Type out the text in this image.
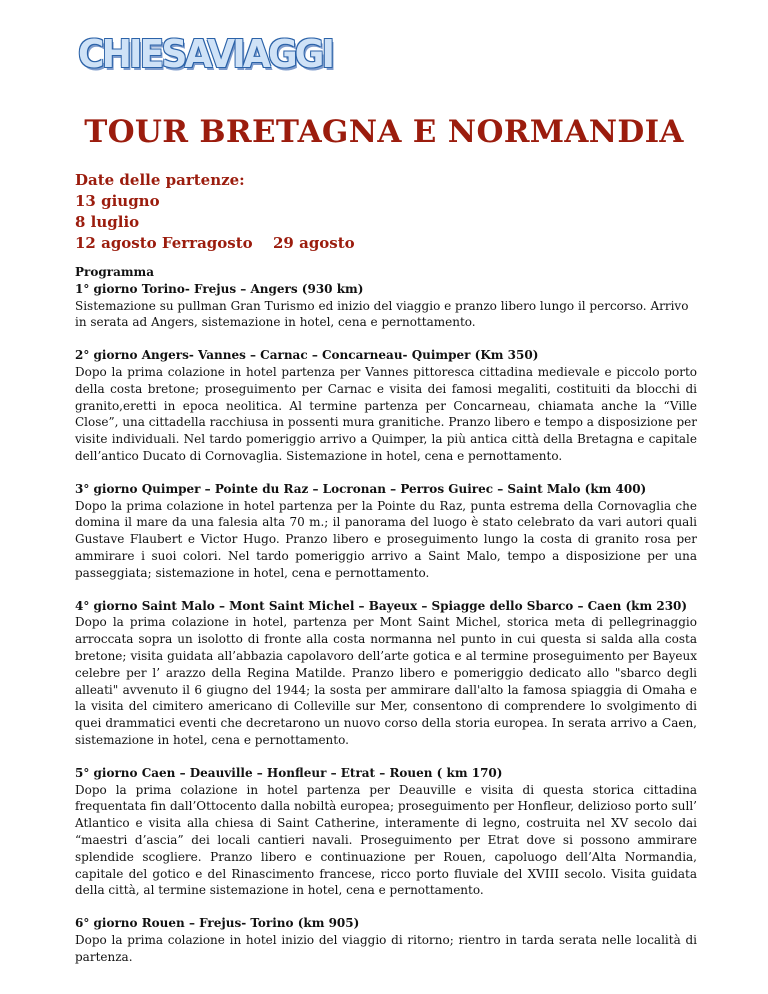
CHIESAVIAGGI
TOUR BRETAGNA E NORMANDIA
Date delle partenze:
13 giugno
8 luglio
12 agosto Ferragosto 29 agosto
Programma
1° giorno Torino- Frejus – Angers (930 km)

Sistemazione su pullman Gran Turismo ed inizio del viaggio e pranzo libero lungo il percorso. Arrivo in serata ad Angers, sistemazione in hotel, cena e pernottamento.

2° giorno Angers- Vannes – Carnac – Concarneau- Quimper (Km 350)

Dopo la prima colazione in hotel partenza per Vannes pittoresca cittadina medievale e piccolo porto della costa bretone; proseguimento per Carnac e visita dei famosi megaliti, costituiti da blocchi di granito,eretti in epoca neolitica. Al termine partenza per Concarneau, chiamata anche la “Ville Close”, una cittadella racchiusa in possenti mura granitiche. Pranzo libero e tempo a disposizione per visite individuali. Nel tardo pomeriggio arrivo a Quimper, la più antica città della Bretagna e capitale dell’antico Ducato di Cornovaglia. Sistemazione in hotel, cena e pernottamento.

3° giorno Quimper – Pointe du Raz – Locronan – Perros Guirec – Saint Malo (km 400)

Dopo la prima colazione in hotel partenza per la Pointe du Raz, punta estrema della Cornovaglia che domina il mare da una falesia alta 70 m.; il panorama del luogo è stato celebrato da vari autori quali Gustave Flaubert e Victor Hugo. Pranzo libero e proseguimento lungo la costa di granito rosa per ammirare i suoi colori. Nel tardo pomeriggio arrivo a Saint Malo, tempo a disposizione per una passeggiata; sistemazione in hotel, cena e pernottamento.

4° giorno Saint Malo – Mont Saint Michel – Bayeux – Spiagge dello Sbarco – Caen (km 230)

Dopo la prima colazione in hotel, partenza per Mont Saint Michel, storica meta di pellegrinaggio arroccata sopra un isolotto di fronte alla costa normanna nel punto in cui questa si salda alla costa bretone; visita guidata all’abbazia capolavoro dell’arte gotica e al termine proseguimento per Bayeux celebre per l’ arazzo della Regina Matilde. Pranzo libero e pomeriggio dedicato allo "sbarco degli alleati" avvenuto il 6 giugno del 1944; la sosta per ammirare dall'alto la famosa spiaggia di Omaha e la visita del cimitero americano di Colleville sur Mer, consentono di comprendere lo svolgimento di quei drammatici eventi che decretarono un nuovo corso della storia europea. In serata arrivo a Caen, sistemazione in hotel, cena e pernottamento.

5° giorno Caen – Deauville – Honfleur – Etrat – Rouen ( km 170)

Dopo la prima colazione in hotel partenza per Deauville e visita di questa storica cittadina frequentata fin dall’Ottocento dalla nobiltà europea; proseguimento per Honfleur, delizioso porto sull’ Atlantico e visita alla chiesa di Saint Catherine, interamente di legno, costruita nel XV secolo dai “maestri d’ascia” dei locali cantieri navali. Proseguimento per Etrat dove si possono ammirare splendide scogliere. Pranzo libero e continuazione per Rouen, capoluogo dell’Alta Normandia, capitale del gotico e del Rinascimento francese, ricco porto fluviale del XVIII secolo. Visita guidata della città, al termine sistemazione in hotel, cena e pernottamento.

6° giorno Rouen – Frejus- Torino (km 905)

Dopo la prima colazione in hotel inizio del viaggio di ritorno; rientro in tarda serata nelle località di partenza.
